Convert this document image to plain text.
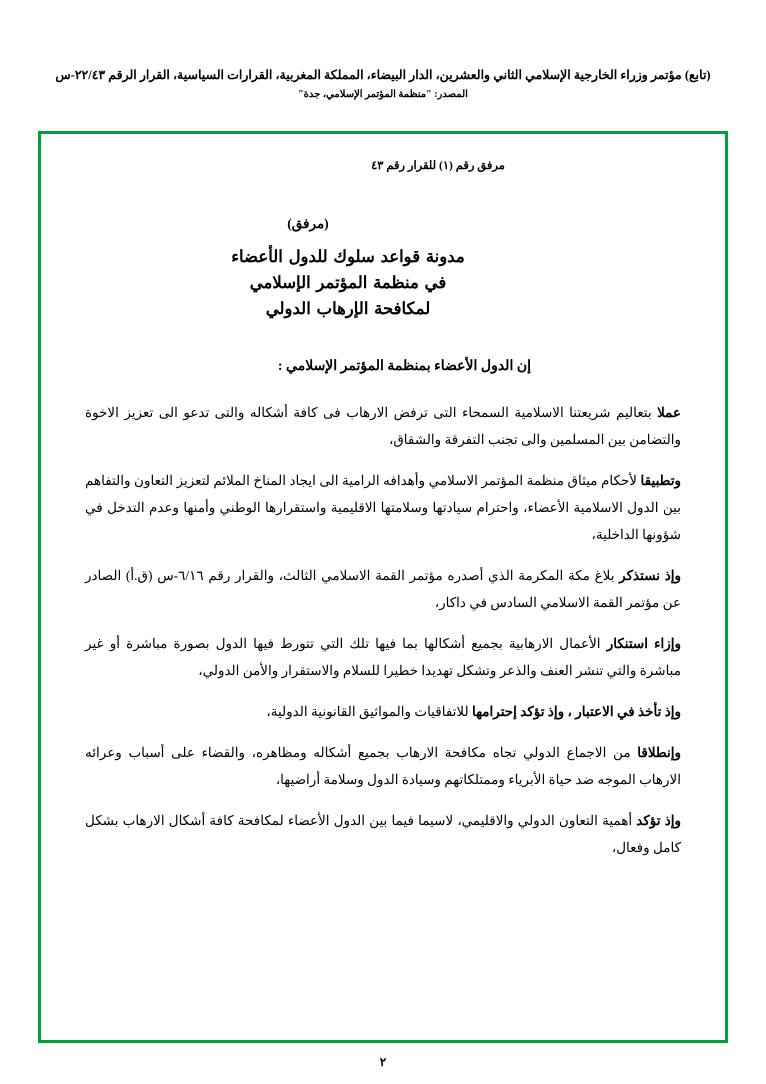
(تابع) مؤتمر وزراء الخارجية الإسلامي الثاني والعشرين، الدار البيضاء، المملكة المغربية، القرارات السياسية، القرار الرقم ٢٢/٤٣-س
المصدر: "منظمة المؤتمر الإسلامي، جدة"
مرفق رقم (١) للقرار رقم ٤٣
(مرفق)
مدونة قواعد سلوك للدول الأعضاء
في منظمة المؤتمر الإسلامي
لمكافحة الإرهاب الدولي
إن الدول الأعضاء بمنظمة المؤتمر الإسلامي :

عملا بتعاليم شريعتنا الاسلامية السمحاء التى ترفض الارهاب فى كافة أشكاله والتى تدعو الى تعزيز الاخوة والتضامن بين المسلمين والى تجنب التفرقة والشقاق،

وتطبيقا لأحكام ميثاق منظمة المؤتمر الاسلامي وأهدافه الرامية الى ايجاد المناخ الملائم لتعزيز التعاون والتفاهم بين الدول الاسلامية الأعضاء، واحترام سيادتها وسلامتها الاقليمية واستقرارها الوطني وأمنها وعدم التدخل في شؤونها الداخلية،

وإذ نستذكر بلاغ مكة المكرمة الذي أصدره مؤتمر القمة الاسلامي الثالث، والقرار رقم ٦/١٦-س (ق.أ) الصادر عن مؤتمر القمة الاسلامي السادس في داكار،

وإزاء استنكار الأعمال الارهابية بجميع أشكالها بما فيها تلك التي تتورط فيها الدول بصورة مباشرة أو غير مباشرة والتي تنشر العنف والذعر وتشكل تهديدا خطيرا للسلام والاستقرار والأمن الدولي،

وإذ تأخذ في الاعتبار ، وإذ تؤكد إحترامها للاتفاقيات والمواثيق القانونية الدولية،

وإنطلاقا من الاجماع الدولي تجاه مكافحة الارهاب بجميع أشكاله ومظاهره، والقضاء على أسباب وعرائه الارهاب الموجه ضد حياة الأبرياء وممتلكاتهم وسيادة الدول وسلامة أراضيها،

وإذ تؤكد أهمية التعاون الدولي والاقليمي، لاسيما فيما بين الدول الأعضاء لمكافحة كافة أشكال الارهاب بشكل كامل وفعال،

٢
